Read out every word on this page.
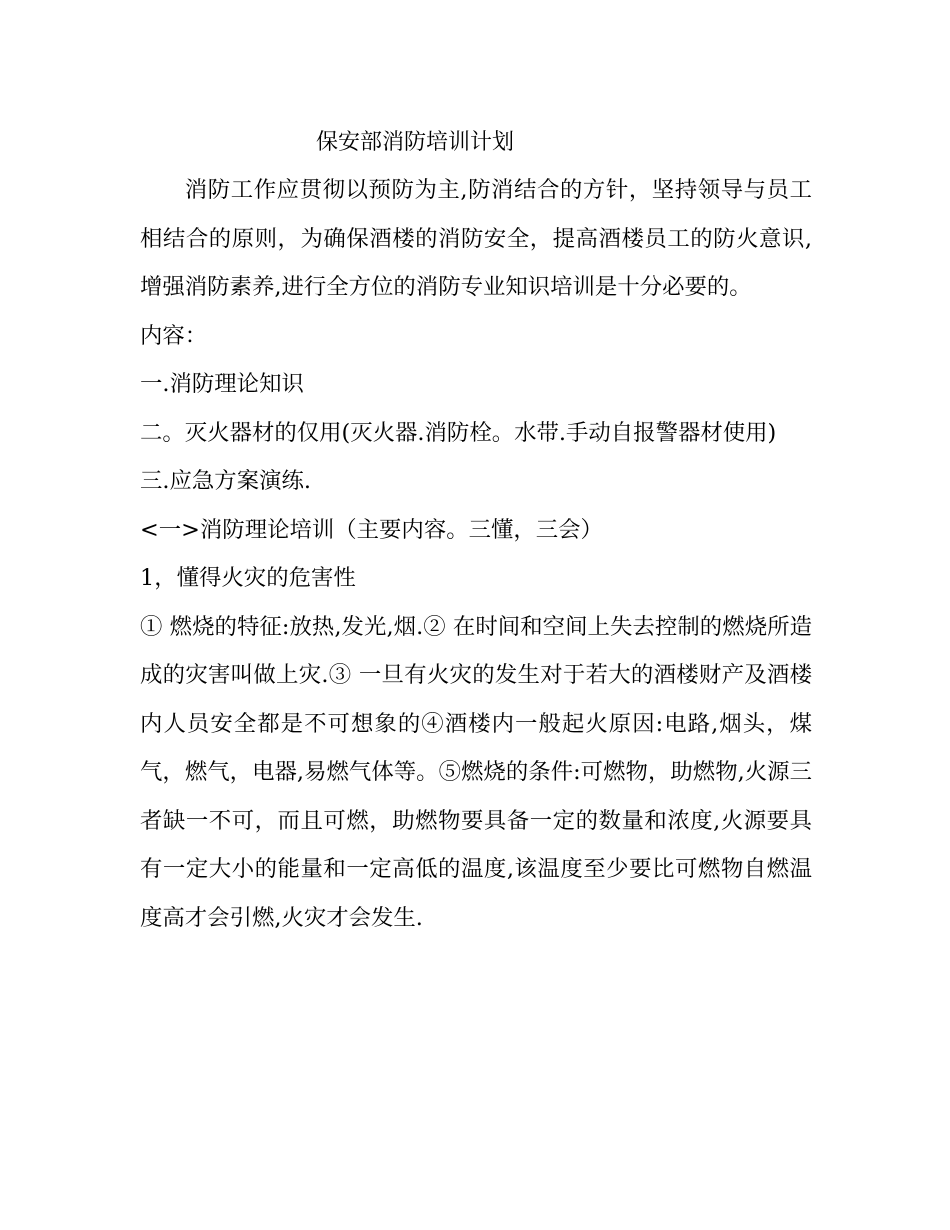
保安部消防培训计划

消防工作应贯彻以预防为主,防消结合的方针，坚持领导与员工相结合的原则，为确保酒楼的消防安全，提高酒楼员工的防火意识,增强消防素养,进行全方位的消防专业知识培训是十分必要的。

内容：

一.消防理论知识

二。灭火器材的仅用(灭火器.消防栓。水带.手动自报警器材使用)

三.应急方案演练.

<一>消防理论培训（主要内容。三懂，三会）

1，懂得火灾的危害性

① 燃烧的特征:放热,发光,烟.② 在时间和空间上失去控制的燃烧所造成的灾害叫做上灾.③ 一旦有火灾的发生对于若大的酒楼财产及酒楼内人员安全都是不可想象的④酒楼内一般起火原因:电路,烟头，煤气，燃气，电器,易燃气体等。⑤燃烧的条件:可燃物，助燃物,火源三者缺一不可，而且可燃，助燃物要具备一定的数量和浓度,火源要具有一定大小的能量和一定高低的温度,该温度至少要比可燃物自燃温度高才会引燃,火灾才会发生.
